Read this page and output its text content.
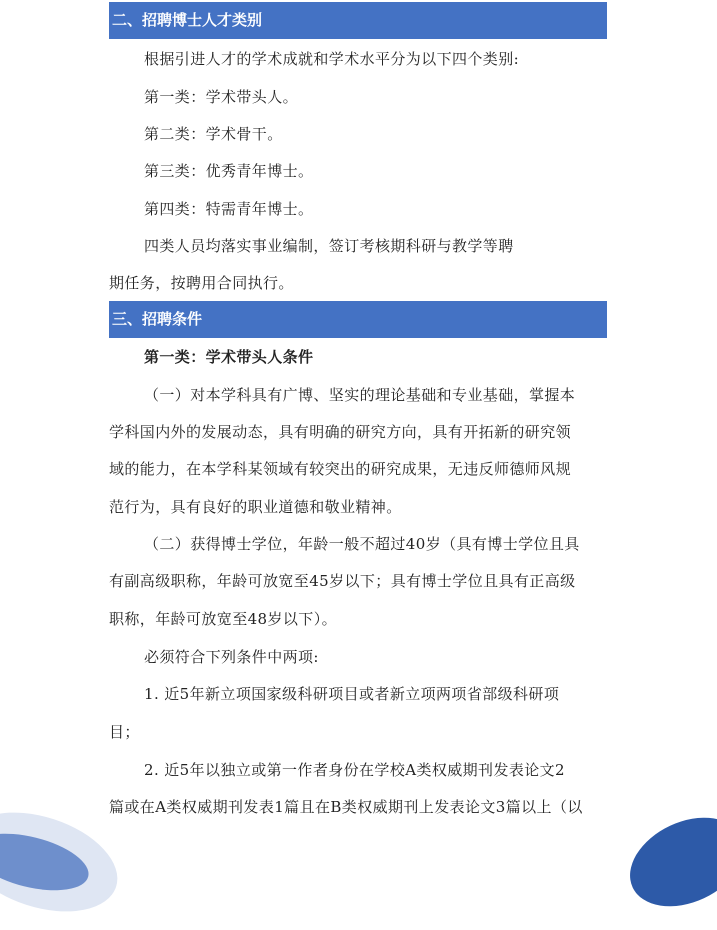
二、招聘博士人才类别
根据引进人才的学术成就和学术水平分为以下四个类别:
第一类：学术带头人。
第二类：学术骨干。
第三类：优秀青年博士。
第四类：特需青年博士。
四类人员均落实事业编制，签订考核期科研与教学等聘
期任务，按聘用合同执行。
三、招聘条件
第一类：学术带头人条件
（一）对本学科具有广博、坚实的理论基础和专业基础，掌握本
学科国内外的发展动态，具有明确的研究方向，具有开拓新的研究领
域的能力，在本学科某领域有较突出的研究成果，无违反师德师风规
范行为，具有良好的职业道德和敬业精神。
（二）获得博士学位，年龄一般不超过40岁（具有博士学位且具
有副高级职称，年龄可放宽至45岁以下；具有博士学位且具有正高级
职称，年龄可放宽至48岁以下）。
必须符合下列条件中两项:
1. 近5年新立项国家级科研项目或者新立项两项省部级科研项
目；
2. 近5年以独立或第一作者身份在学校A类权威期刊发表论文2
篇或在A类权威期刊发表1篇且在B类权威期刊上发表论文3篇以上（以
